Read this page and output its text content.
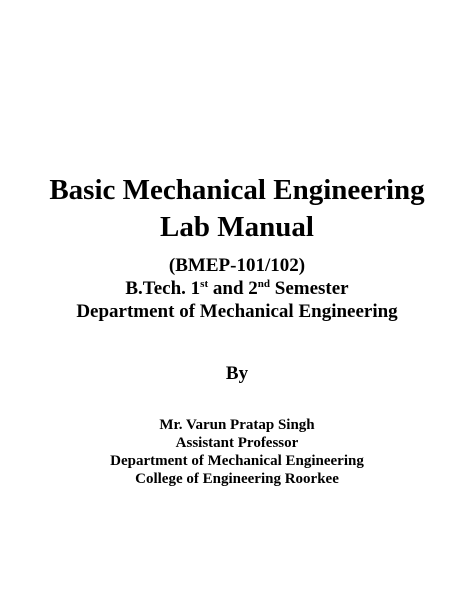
Basic Mechanical Engineering
Lab Manual
(BMEP-101/102)
B.Tech. 1st and 2nd Semester
Department of Mechanical Engineering
By
Mr. Varun Pratap Singh
Assistant Professor
Department of Mechanical Engineering
College of Engineering Roorkee
